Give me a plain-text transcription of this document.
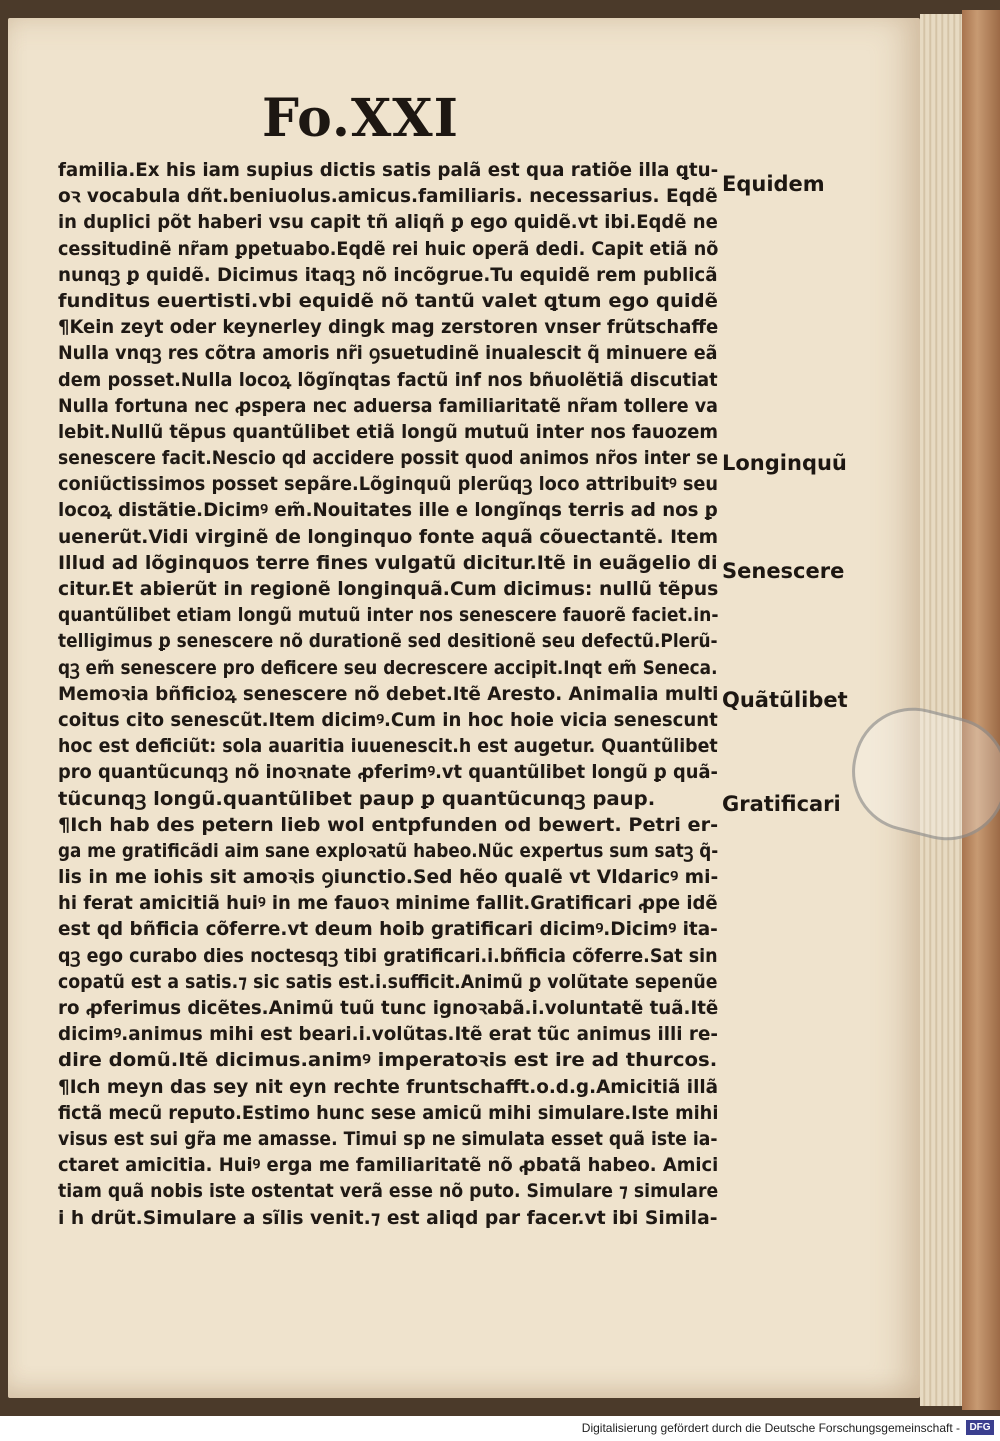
Fo.XXI
familia.Ex his iam supius dictis satis palã est qua ratiõe illa ꝗtu-
oꝛ vocabula dñt.beniuolus.amicus.familiaris. necessarius. Eqdẽ
in duplici põt haberi vsu capit tñ aliqñ ꝑ ego quidẽ.vt ibi.Eqdẽ ne
cessitudinẽ nr̃am ꝑpetuabo.Eqdẽ rei huic operã dedi. Capit etiã nõ
nunqꝫ ꝑ quidẽ. Dicimus itaqꝫ nõ incõgrue.Tu equidẽ rem publicã
funditus euertisti.vbi equidẽ nõ tantũ valet ꝗtum ego quidẽ
¶Kein zeyt oder keynerley dingk mag zerstoren vnser frũtschaffe
Nulla vnqꝫ res cõtra amoris nr̃i ꝯsuetudinẽ inualescit q̃ minuere eã
dem posset.Nulla locoꝝ lõgĩnqtas factũ inf nos bñuolẽtiã discutiat
Nulla fortuna nec ꝓspera nec aduersa familiaritatẽ nr̃am tollere va
lebit.Nullũ tẽpus quantũlibet etiã longũ mutuũ inter nos fauozem
senescere facit.Nescio qd accidere possit quod animos nr̃os inter se
coniũctissimos posset sepãre.Lõginquũ plerũqꝫ loco attribuitꝰ seu
locoꝝ distãtie.Dicimꝰ em̃.Nouitates ille e longĩnqs terris ad nos ꝑ
uenerũt.Vidi virginẽ de longinquo fonte aquã cõuectantẽ. Item
Illud ad lõginquos terre fines vulgatũ dicitur.Itẽ in euãgelio di
citur.Et abierũt in regionẽ longinquã.Cum dicimus: nullũ tẽpus
quantũlibet etiam longũ mutuũ inter nos senescere fauorẽ faciet.in-
telligimus ꝑ senescere nõ durationẽ sed desitionẽ seu defectũ.Plerũ-
qꝫ em̃ senescere pro deficere seu decrescere accipit.Inqt em̃ Seneca.
Memoꝛia bñficioꝝ senescere nõ debet.Itẽ Aresto. Animalia multi
coitus cito senescũt.Item dicimꝰ.Cum in hoc hoie vicia senescunt
hoc est deficiũt: sola auaritia iuuenescit.h est augetur. Quantũlibet
pro quantũcunqꝫ nõ inoꝛnate ꝓferimꝰ.vt quantũlibet longũ ꝑ quã-
tũcunqꝫ longũ.quantũlibet paup ꝑ quantũcunqꝫ paup.
¶Ich hab des petern lieb wol entpfunden od bewert. Petri er-
ga me gratificãdi aim sane exploꝛatũ habeo.Nũc expertus sum satꝫ q̃-
lis in me iohis sit amoꝛis ꝯiunctio.Sed hẽo qualẽ vt Vldaricꝰ mi-
hi ferat amicitiã huiꝰ in me fauoꝛ minime fallit.Gratificari ꝓpe idẽ
est qd bñficia cõferre.vt deum hoib gratificari dicimꝰ.Dicimꝰ ita-
qꝫ ego curabo dies noctesqꝫ tibi gratificari.i.bñficia cõferre.Sat sin
copatũ est a satis.⁊ sic satis est.i.sufficit.Animũ ꝑ volũtate sepenũe
ro ꝓferimus dicẽtes.Animũ tuũ tunc ignoꝛabã.i.voluntatẽ tuã.Itẽ
dicimꝰ.animus mihi est beari.i.volũtas.Itẽ erat tũc animus illi re-
dire domũ.Itẽ dicimus.animꝰ imperatoꝛis est ire ad thurcos.
¶Ich meyn das sey nit eyn rechte fruntschafft.o.d.g.Amicitiã illã
fictã mecũ reputo.Estimo hunc sese amicũ mihi simulare.Iste mihi
visus est sui gr̃a me amasse. Timui sp ne simulata esset quã iste ia-
ctaret amicitia. Huiꝰ erga me familiaritatẽ nõ ꝓbatã habeo. Amici
tiam quã nobis iste ostentat verã esse nõ puto. Simulare ⁊ simulare
i h drũt.Simulare a sĩlis venit.⁊ est aliqd par facer.vt ibi Simila-
Equidem
Longinquũ
Senescere
Quãtũlibet
Gratificari
Digitalisierung gefördert durch die Deutsche Forschungsgemeinschaft - DFG
